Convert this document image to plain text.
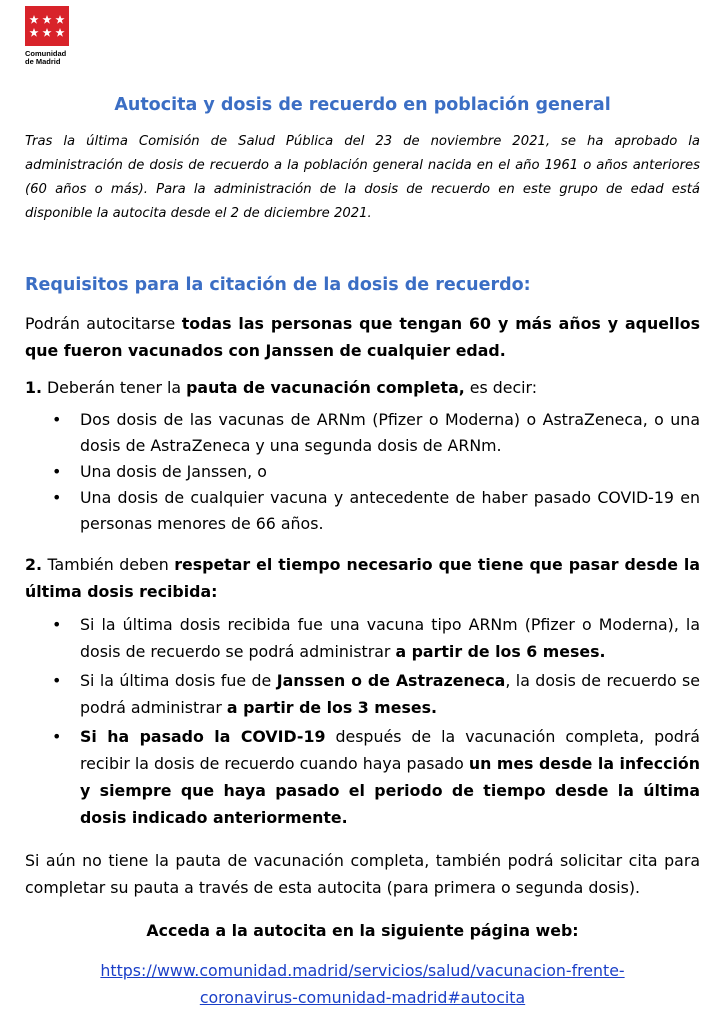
Comunidad
de Madrid
Autocita y dosis de recuerdo en población general

Tras la última Comisión de Salud Pública del 23 de noviembre 2021, se ha aprobado la administración de dosis de recuerdo a la población general nacida en el año 1961 o años anteriores (60 años o más). Para la administración de la dosis de recuerdo en este grupo de edad está disponible la autocita desde el 2 de diciembre 2021.

Requisitos para la citación de la dosis de recuerdo:

Podrán autocitarse todas las personas que tengan 60 y más años y aquellos que fueron vacunados con Janssen de cualquier edad.

1. Deberán tener la pauta de vacunación completa, es decir:

• Dos dosis de las vacunas de ARNm (Pfizer o Moderna) o AstraZeneca, o una dosis de AstraZeneca y una segunda dosis de ARNm.
• Una dosis de Janssen, o
• Una dosis de cualquier vacuna y antecedente de haber pasado COVID-19 en personas menores de 66 años.

2. También deben respetar el tiempo necesario que tiene que pasar desde la última dosis recibida:

• Si la última dosis recibida fue una vacuna tipo ARNm (Pfizer o Moderna), la dosis de recuerdo se podrá administrar a partir de los 6 meses.
• Si la última dosis fue de Janssen o de Astrazeneca, la dosis de recuerdo se podrá administrar a partir de los 3 meses.
• Si ha pasado la COVID-19 después de la vacunación completa, podrá recibir la dosis de recuerdo cuando haya pasado un mes desde la infección y siempre que haya pasado el periodo de tiempo desde la última dosis indicado anteriormente.

Si aún no tiene la pauta de vacunación completa, también podrá solicitar cita para completar su pauta a través de esta autocita (para primera o segunda dosis).

Acceda a la autocita en la siguiente página web:

https://www.comunidad.madrid/servicios/salud/vacunacion-frente-
coronavirus-comunidad-madrid#autocita
